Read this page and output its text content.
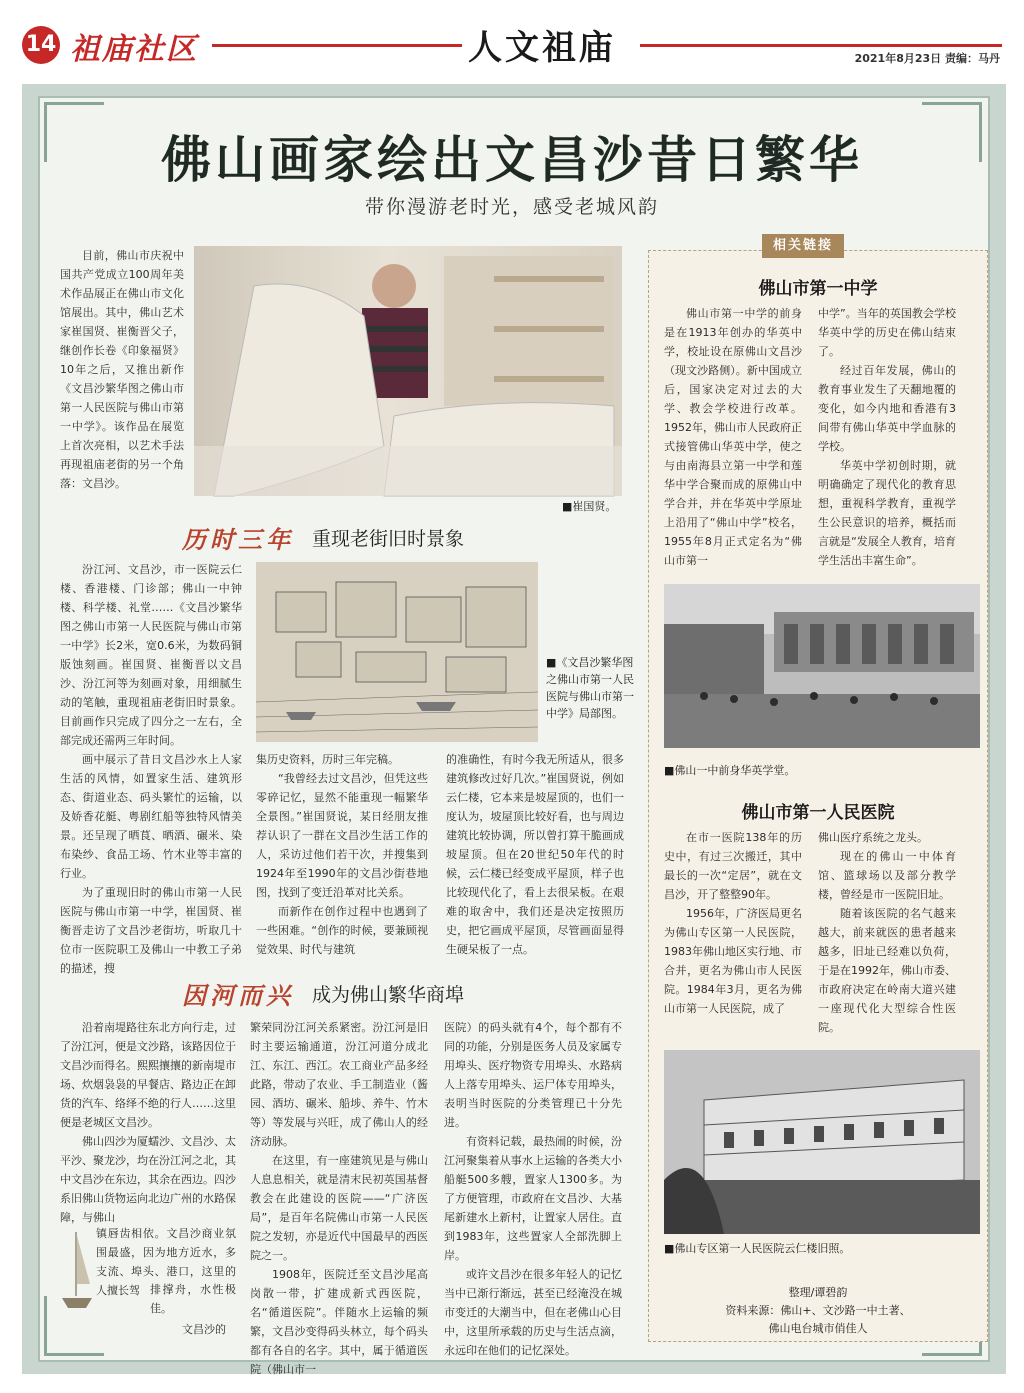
14 祖庙社区	人文祖庙	2021年8月23日 责编：马丹
佛山画家绘出文昌沙昔日繁华
带你漫游老时光，感受老城风韵
目前，佛山市庆祝中国共产党成立100周年美术作品展正在佛山市文化馆展出。其中，佛山艺术家崔国贤、崔衡晋父子，继创作长卷《印象福贤》10年之后，又推出新作《文昌沙繁华图之佛山市第一人民医院与佛山市第一中学》。该作品在展览上首次亮相，以艺术手法再现祖庙老街的另一个角落：文昌沙。
■崔国贤。
历时三年 重现老街旧时景象

汾江河、文昌沙，市一医院云仁楼、香港楼、门诊部；佛山一中钟楼、科学楼、礼堂……《文昌沙繁华图之佛山市第一人民医院与佛山市第一中学》长2米，宽0.6米，为数码铜版蚀刻画。崔国贤、崔衡晋以文昌沙、汾江河等为刻画对象，用细腻生动的笔触，重现祖庙老街旧时景象。目前画作只完成了四分之一左右，全部完成还需两三年时间。

画中展示了昔日文昌沙水上人家生活的风情，如置家生活、建筑形态、街道业态、码头繁忙的运输，以及娇香花艇、粤剧红船等独特风情美景。还呈现了晒茛、晒酒、碾米、染布染纱、食品工场、竹木业等丰富的行业。

为了重现旧时的佛山市第一人民医院与佛山市第一中学，崔国贤、崔衡晋走访了文昌沙老街坊，听取几十位市一医院职工及佛山一中教工子弟的描述，搜

■《文昌沙繁华图之佛山市第一人民医院与佛山市第一中学》局部图。

集历史资料，历时三年完稿。

“我曾经去过文昌沙，但凭这些零碎记忆，显然不能重现一幅繁华全景图。”崔国贤说，某日经朋友推荐认识了一群在文昌沙生活工作的人，采访过他们若干次，并搜集到1924年至1990年的文昌沙街巷地图，找到了变迁沿革对比关系。

而新作在创作过程中也遇到了一些困难。“创作的时候，要兼顾视觉效果、时代与建筑

的准确性，有时今我无所适从，很多建筑修改过好几次。”崔国贤说，例如云仁楼，它本来是坡屋顶的，也们一度认为，坡屋顶比较好看，也与周边建筑比较协调，所以曾打算干脆画成坡屋顶。但在20世纪50年代的时候，云仁楼已经变成平屋顶，样子也比较现代化了，看上去很呆板。在艰难的取舍中，我们还是决定按照历史，把它画成平屋顶，尽管画面显得生硬呆板了一点。
因河而兴 成为佛山繁华商埠

沿着南堤路往东北方向行走，过了汾江河，便是文沙路，该路因位于文昌沙而得名。熙熙攘攘的新南堤市场、炊烟袅袅的早餐店、路边正在卸货的汽车、络绎不绝的行人……这里便是老城区文昌沙。

佛山四沙为厦蠕沙、文昌沙、太平沙、聚龙沙，均在汾江河之北，其中文昌沙在东边，其余在西边。四沙系旧佛山货物运向北边广州的水路保障，与佛山

镇唇齿相依。文昌沙商业氛围最盛，因为地方近水，多支流、埠头、港口，这里的人擅长驾 排撑舟，水性极佳。
文昌沙的

繁荣同汾江河关系紧密。汾江河是旧时主要运输通道，汾江河道分成北江、东江、西江。农工商业产品多经此路，带动了农业、手工制造业（酱园、酒坊、碾米、船埗、养牛、竹木等）等发展与兴旺，成了佛山人的经济动脉。

在这里，有一座建筑见是与佛山人息息相关，就是清末民初英国基督教会在此建设的医院——“广济医局”，是百年名院佛山市第一人民医院之发轫，亦是近代中国最早的西医院之一。

1908年，医院迁至文昌沙尾高岗散一带，扩建成新式西医院，名“循道医院”。伴随水上运输的频繁，文昌沙变得码头林立，每个码头都有各自的名字。其中，属于循道医院（佛山市一

医院）的码头就有4个，每个都有不同的功能，分别是医务人员及家属专用埠头、医疗物资专用埠头、水路病人上落专用埠头、运尸体专用埠头，表明当时医院的分类管理已十分先进。

有资料记载，最热闹的时候，汾江河聚集着从事水上运输的各类大小船艇500多艘，置家人1300多。为了方便管理，市政府在文昌沙、大基尾新建水上新村，让置家人居住。直到1983年，这些置家人全部洗脚上岸。

或许文昌沙在很多年轻人的记忆当中已渐行渐远，甚至已经淹没在城市变迁的大潮当中，但在老佛山心目中，这里所承载的历史与生活点滴，永远印在他们的记忆深处。

相关链接
佛山市第一中学
佛山市第一中学的前身是在1913年创办的华英中学，校址设在原佛山文昌沙（现文沙路侧）。新中国成立后，国家决定对过去的大学、教会学校进行改革。1952年，佛山市人民政府正式接管佛山华英中学，使之与由南海县立第一中学和莲华中学合聚而成的原佛山中学合并，并在华英中学原址上沿用了“佛山中学”校名，1955年8月正式定名为“佛山市第一

中学”。当年的英国教会学校华英中学的历史在佛山结束了。

经过百年发展，佛山的教育事业发生了天翻地覆的变化，如今内地和香港有3间带有佛山华英中学血脉的学校。

华英中学初创时期，就明确确定了现代化的教育思想，重视科学教育，重视学生公民意识的培养，概括而言就是“发展全人教育，培育学生活出丰富生命”。

■佛山一中前身华英学堂。
佛山市第一人民医院

在市一医院138年的历史中，有过三次搬迁，其中最长的一次“定居”，就在文昌沙，开了整整90年。

1956年，广济医局更名为佛山专区第一人民医院，1983年佛山地区实行地、市合并，更名为佛山市人民医院。1984年3月，更名为佛山市第一人民医院，成了

佛山医疗系统之龙头。

现在的佛山一中体育馆、篮球场以及部分教学楼，曾经是市一医院旧址。

随着该医院的名气越来越大，前来就医的患者越来越多，旧址已经难以负荷，于是在1992年，佛山市委、市政府决定在岭南大道兴建一座现代化大型综合性医院。

■佛山专区第一人民医院云仁楼旧照。
整理/谭碧韵
资料来源：佛山+、文沙路一中土著、
佛山电台城市俏佳人
